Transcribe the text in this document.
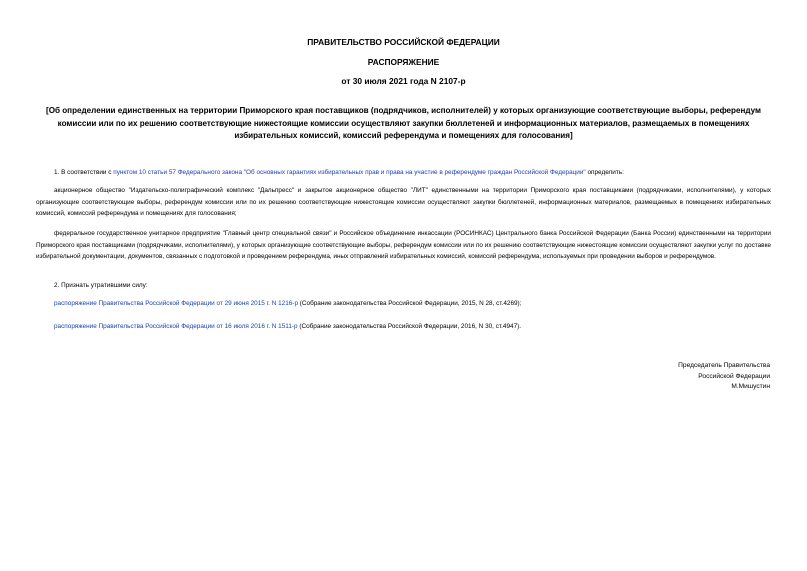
ПРАВИТЕЛЬСТВО РОССИЙСКОЙ ФЕДЕРАЦИИ
РАСПОРЯЖЕНИЕ
от 30 июля 2021 года N 2107-р
[Об определении единственных на территории Приморского края поставщиков (подрядчиков, исполнителей) у которых организующие соответствующие выборы, референдум комиссии или по их решению соответствующие нижестоящие комиссии осуществляют закупки бюллетеней и информационных материалов, размещаемых в помещениях избирательных комиссий, комиссий референдума и помещениях для голосования]
1. В соответствии с пунктом 10 статьи 57 Федерального закона "Об основных гарантиях избирательных прав и права на участие в референдуме граждан Российской Федерации" определить:
акционерное общество "Издательско-полиграфический комплекс "Дальпресс" и закрытое акционерное общество "ЛИТ" единственными на территории Приморского края поставщиками (подрядчиками, исполнителями), у которых организующие соответствующие выборы, референдум комиссии или по их решению соответствующие нижестоящие комиссии осуществляют закупки бюллетеней, информационных материалов, размещаемых в помещениях избирательных комиссий, комиссий референдума и помещениях для голосования;
федеральное государственное унитарное предприятие "Главный центр специальной связи" и Российское объединение инкассации (РОСИНКАС) Центрального банка Российской Федерации (Банка России) единственными на территории Приморского края поставщиками (подрядчиками, исполнителями), у которых организующие соответствующие выборы, референдум комиссии или по их решению соответствующие нижестоящие комиссии осуществляют закупки услуг по доставке избирательной документации, документов, связанных с подготовкой и проведением референдума, иных отправлений избирательных комиссий, комиссий референдума, используемых при проведении выборов и референдумов.
2. Признать утратившими силу:
распоряжение Правительства Российской Федерации от 29 июня 2015 г. N 1216-р (Собрание законодательства Российской Федерации, 2015, N 28, ст.4269);
распоряжение Правительства Российской Федерации от 16 июля 2016 г. N 1511-р (Собрание законодательства Российской Федерации, 2016, N 30, ст.4947).
Председатель Правительства
Российской Федерации
М.Мишустин
